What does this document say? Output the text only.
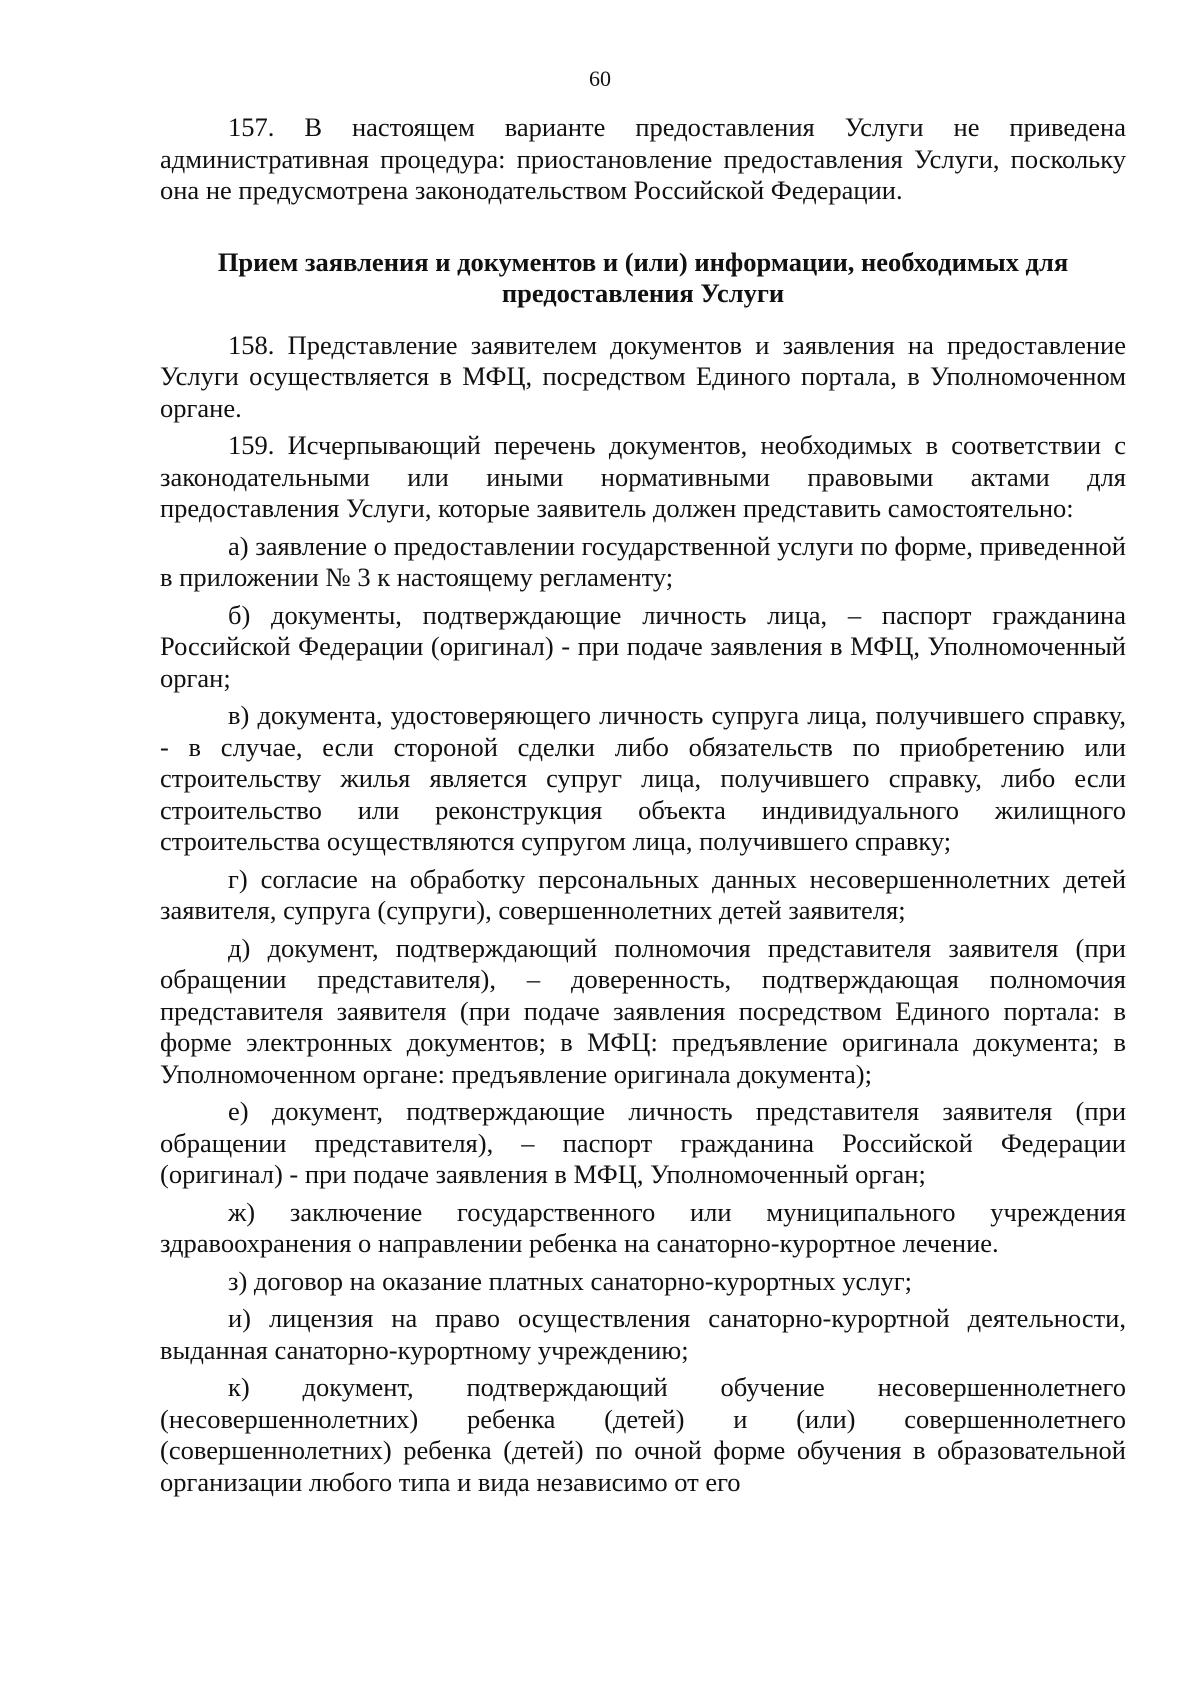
60

157. В настоящем варианте предоставления Услуги не приведена административная процедура: приостановление предоставления Услуги, поскольку она не предусмотрена законодательством Российской Федерации.

Прием заявления и документов и (или) информации, необходимых для
предоставления Услуги

158. Представление заявителем документов и заявления на предоставление Услуги осуществляется в МФЦ, посредством Единого портала, в Уполномоченном органе.

159. Исчерпывающий перечень документов, необходимых в соответствии с законодательными или иными нормативными правовыми актами для предоставления Услуги, которые заявитель должен представить самостоятельно:

а) заявление о предоставлении государственной услуги по форме, приведенной в приложении № 3 к настоящему регламенту;

б) документы, подтверждающие личность лица, – паспорт гражданина Российской Федерации (оригинал) - при подаче заявления в МФЦ, Уполномоченный орган;

в) документа, удостоверяющего личность супруга лица, получившего справку, - в случае, если стороной сделки либо обязательств по приобретению или строительству жилья является супруг лица, получившего справку, либо если строительство или реконструкция объекта индивидуального жилищного строительства осуществляются супругом лица, получившего справку;

г) согласие на обработку персональных данных несовершеннолетних детей заявителя, супруга (супруги), совершеннолетних детей заявителя;

д) документ, подтверждающий полномочия представителя заявителя (при обращении представителя), – доверенность, подтверждающая полномочия представителя заявителя (при подаче заявления посредством Единого портала: в форме электронных документов; в МФЦ: предъявление оригинала документа; в Уполномоченном органе: предъявление оригинала документа);

е) документ, подтверждающие личность представителя заявителя (при обращении представителя), – паспорт гражданина Российской Федерации (оригинал) - при подаче заявления в МФЦ, Уполномоченный орган;

ж) заключение государственного или муниципального учреждения здравоохранения о направлении ребенка на санаторно-курортное лечение.

з) договор на оказание платных санаторно-курортных услуг;

и) лицензия на право осуществления санаторно-курортной деятельности, выданная санаторно-курортному учреждению;

к) документ, подтверждающий обучение несовершеннолетнего (несовершеннолетних) ребенка (детей) и (или) совершеннолетнего (совершеннолетних) ребенка (детей) по очной форме обучения в образовательной организации любого типа и вида независимо от его
